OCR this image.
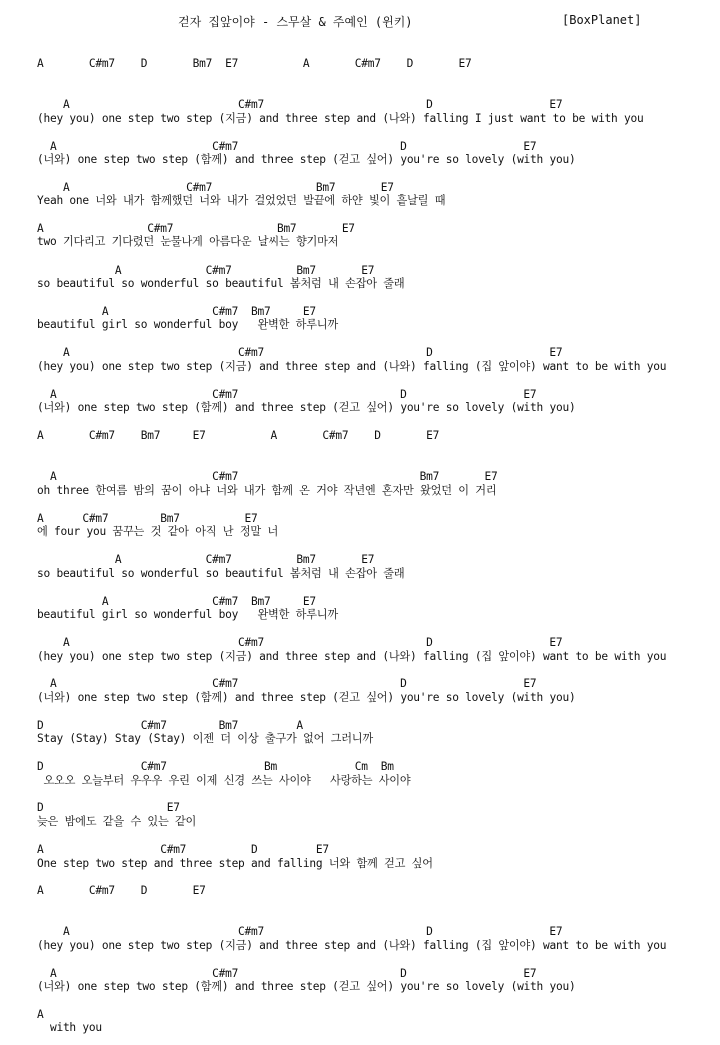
걷자 집앞이야 - 스무살 & 주예인 (윈키)	[BoxPlanet]
A       C#m7    D       Bm7  E7          A       C#m7    D       E7
A                          C#m7                         D                  E7
(hey you) one step two step (지금) and three step and (나와) falling I just want to be with you
A                        C#m7                         D                  E7
(너와) one step two step (함께) and three step (걷고 싶어) you're so lovely (with you)
A                  C#m7                Bm7       E7
Yeah one 너와 내가 함께했던 너와 내가 걸었었던 발끝에 하얀 빛이 흩날릴 때
A                C#m7                Bm7       E7
two 기다리고 기다렸던 눈물나게 아름다운 날씨는 향기마저
A             C#m7          Bm7       E7
so beautiful so wonderful so beautiful 봄처럼 내 손잡아 줄래
A                C#m7  Bm7     E7
beautiful girl so wonderful boy   완벽한 하루니까
A                          C#m7                         D                  E7
(hey you) one step two step (지금) and three step and (나와) falling (집 앞이야) want to be with you
A                        C#m7                         D                  E7
(너와) one step two step (함께) and three step (걷고 싶어) you're so lovely (with you)
A       C#m7    Bm7     E7          A       C#m7    D       E7
A                        C#m7                            Bm7       E7
oh three 한여름 밤의 꿈이 아냐 너와 내가 함께 온 거야 작년엔 혼자만 왔었던 이 거리
A      C#m7        Bm7          E7
에 four you 꿈꾸는 것 같아 아직 난 정말 너
A             C#m7          Bm7       E7
so beautiful so wonderful so beautiful 봄처럼 내 손잡아 줄래
A                C#m7  Bm7     E7
beautiful girl so wonderful boy   완벽한 하루니까
A                          C#m7                         D                  E7
(hey you) one step two step (지금) and three step and (나와) falling (집 앞이야) want to be with you
A                        C#m7                         D                  E7
(너와) one step two step (함께) and three step (걷고 싶어) you're so lovely (with you)
D               C#m7        Bm7         A
Stay (Stay) Stay (Stay) 이젠 더 이상 출구가 없어 그러니까
D               C#m7               Bm            Cm  Bm
오오오 오늘부터 우우우 우린 이제 신경 쓰는 사이야   사랑하는 사이야
D                   E7
늦은 밤에도 같을 수 있는 같이
A                  C#m7          D         E7
One step two step and three step and falling 너와 함께 걷고 싶어
A       C#m7    D       E7
A                          C#m7                         D                  E7
(hey you) one step two step (지금) and three step and (나와) falling (집 앞이야) want to be with you
A                        C#m7                         D                  E7
(너와) one step two step (함께) and three step (걷고 싶어) you're so lovely (with you)
A
with you
